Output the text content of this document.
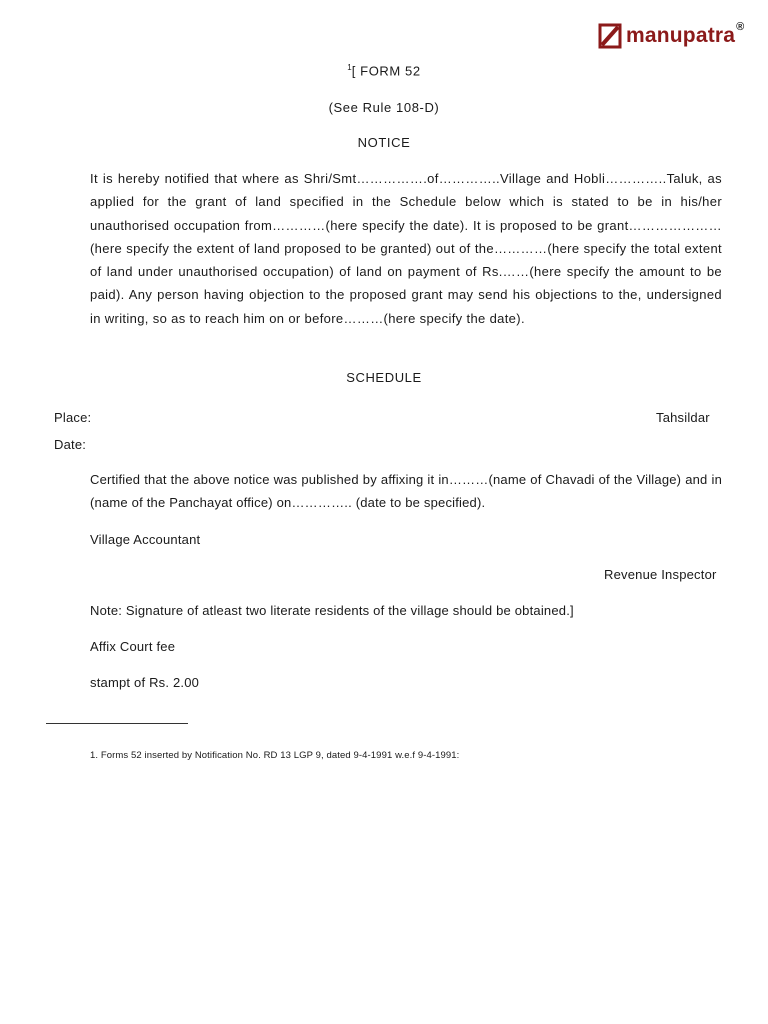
manupatra ®
$^1$[ FORM 52
(See Rule 108-D)
NOTICE
It is hereby notified that where as Shri/Smt…………….of…………..Village and Hobli…………..Taluk, as applied for the grant of land specified in the Schedule below which is stated to be in his/her unauthorised occupation from…………(here specify the date). It is proposed to be grant…………………(here specify the extent of land proposed to be granted) out of the…………(here specify the total extent of land under unauthorised occupation) of land on payment of Rs.……(here specify the amount to be paid). Any person having objection to the proposed grant may send his objections to the, undersigned in writing, so as to reach him on or before………(here specify the date).
SCHEDULE
Place:	Tahsildar
Date:
Certified that the above notice was published by affixing it in………(name of Chavadi of the Village) and in (name of the Panchayat office) on………….. (date to be specified).
Village Accountant
Revenue Inspector
Note: Signature of atleast two literate residents of the village should be obtained.]
Affix Court fee
stampt of Rs. 2.00
1. Forms 52 inserted by Notification No. RD 13 LGP 9, dated 9-4-1991 w.e.f 9-4-1991:
